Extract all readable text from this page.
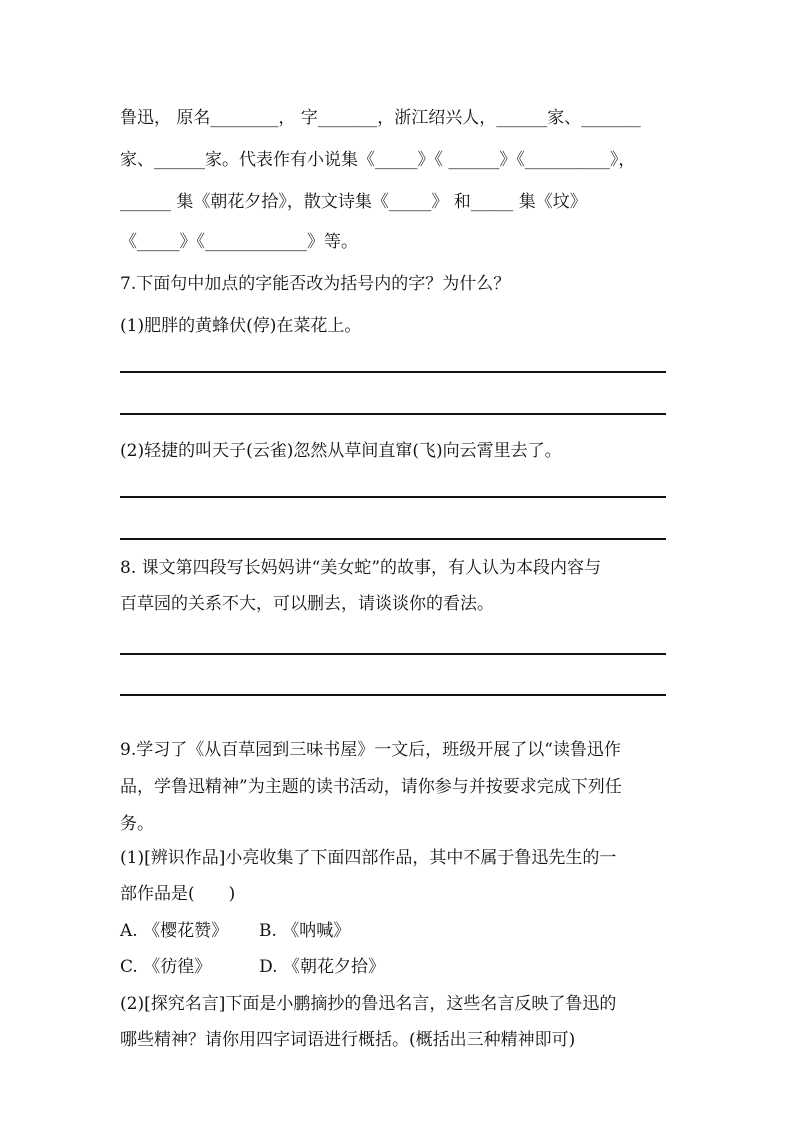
鲁迅， 原名________， 字_______，浙江绍兴人，______家、_______
家、______家。代表作有小说集《_____》《 ______》《__________》，
______ 集《朝花夕拾》，散文诗集《_____》 和_____ 集《坟》
《_____》《____________》等。
7.下面句中加点的字能否改为括号内的字？为什么？
(1)肥胖的黄蜂伏(停)在菜花上。
(2)轻捷的叫天子(云雀)忽然从草间直窜(飞)向云霄里去了。
8. 课文第四段写长妈妈讲“美女蛇”的故事，有人认为本段内容与
百草园的关系不大，可以删去，请谈谈你的看法。
9.学习了《从百草园到三味书屋》一文后，班级开展了以“读鲁迅作
品，学鲁迅精神”为主题的读书活动，请你参与并按要求完成下列任
务。
(1)[辨识作品]小亮收集了下面四部作品，其中不属于鲁迅先生的一
部作品是(　　)
A. 《樱花赞》　　 B. 《呐喊》
C. 《彷徨》　　　 D. 《朝花夕拾》
(2)[探究名言]下面是小鹏摘抄的鲁迅名言，这些名言反映了鲁迅的
哪些精神？请你用四字词语进行概括。(概括出三种精神即可)
